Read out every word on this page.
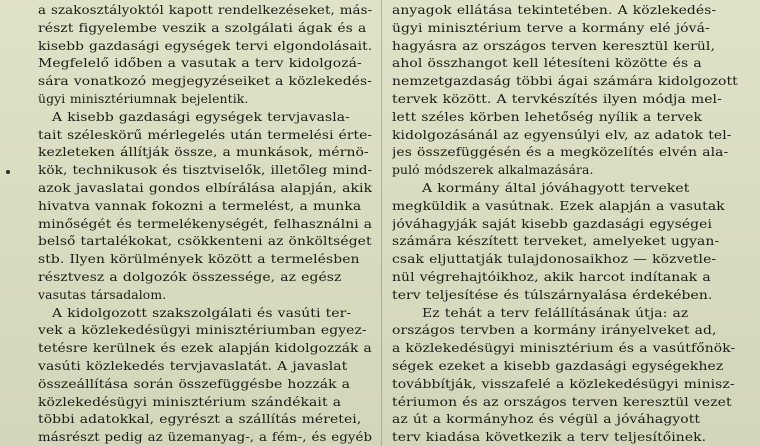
a szakosztályoktól kapott rendelkezéseket, más-
részt figyelembe veszik a szolgálati ágak és a
kisebb gazdasági egységek tervi elgondolásait.
Megfelelő időben a vasutak a terv kidolgozá-
sára vonatkozó megjegyzéseiket a közlekedés-
ügyi minisztériumnak bejelentik.
A kisebb gazdasági egységek tervjavasla-
tait széleskörű mérlegelés után termelési érte-
kezleteken állítják össze, a munkások, mérnö-
kök, technikusok és tisztviselők, illetőleg mind-
azok javaslatai gondos elbírálása alapján, akik
hivatva vannak fokozni a termelést, a munka
minőségét és termelékenységét, felhasználni a
belső tartalékokat, csökkenteni az önköltséget
stb. Ilyen körülmények között a termelésben
résztvesz a dolgozók összessége, az egész
vasutas társadalom.
A kidolgozott szakszolgálati és vasúti ter-
vek a közlekedésügyi minisztériumban egyez-
tetésre kerülnek és ezek alapján kidolgozzák a
vasúti közlekedés tervjavaslatát. A javaslat
összeállítása során összefüggésbe hozzák a
közlekedésügyi minisztérium szándékait a
többi adatokkal, egyrészt a szállítás méretei,
másrészt pedig az üzemanyag-, a fém-, és egyéb
anyagok ellátása tekintetében. A közlekedés-
ügyi minisztérium terve a kormány elé jóvá-
hagyásra az országos terven keresztül kerül,
ahol összhangot kell létesíteni közötte és a
nemzetgazdaság többi ágai számára kidolgozott
tervek között. A tervkészítés ilyen módja mel-
lett széles körben lehetőség nyílik a tervek
kidolgozásánál az egyensúlyi elv, az adatok tel-
jes összefüggésén és a megközelítés elvén ala-
puló módszerek alkalmazására.
A kormány által jóváhagyott terveket
megküldik a vasútnak. Ezek alapján a vasutak
jóváhagyják saját kisebb gazdasági egységei
számára készített terveket, amelyeket ugyan-
csak eljuttatják tulajdonosaikhoz — közvetle-
nül végrehajtóikhoz, akik harcot indítanak a
terv teljesítése és túlszárnyalása érdekében.
Ez tehát a terv felállításának útja: az
országos tervben a kormány irányelveket ad,
a közlekedésügyi minisztérium és a vasútfőnök-
ségek ezeket a kisebb gazdasági egységekhez
továbbítják, visszafelé a közlekedésügyi minisz-
tériumon és az országos terven keresztül vezet
az út a kormányhoz és végül a jóváhagyott
terv kiadása következik a terv teljesítőinek.
